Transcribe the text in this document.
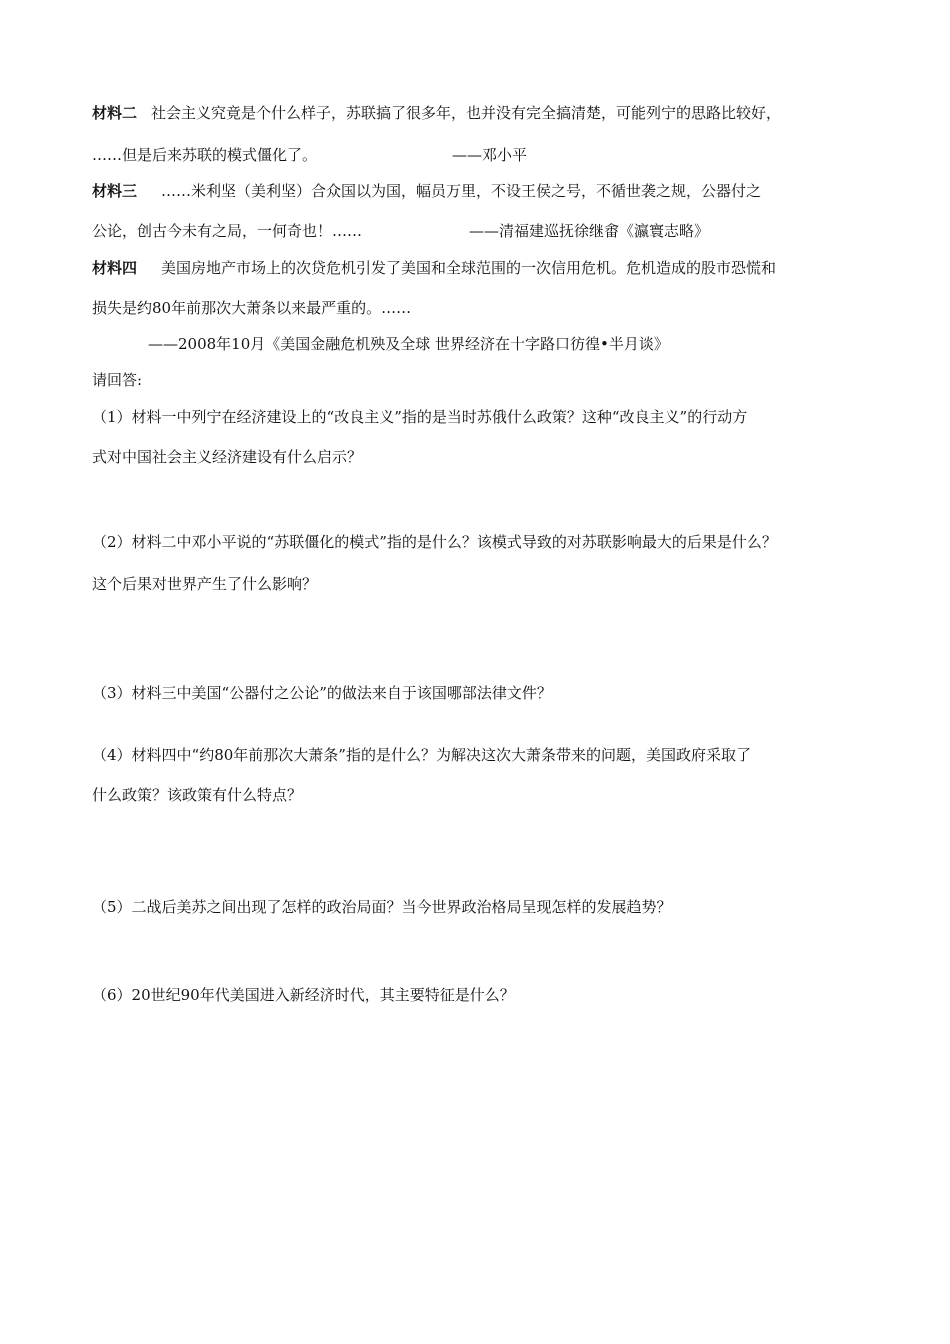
材料二 社会主义究竟是个什么样子，苏联搞了很多年，也并没有完全搞清楚，可能列宁的思路比较好，
……但是后来苏联的模式僵化了。	——邓小平
材料三 ……米利坚（美利坚）合众国以为国，幅员万里，不设王侯之号，不循世袭之规，公器付之
公论，创古今未有之局，一何奇也！……	——清福建巡抚徐继畬《瀛寰志略》
材料四 美国房地产市场上的次贷危机引发了美国和全球范围的一次信用危机。危机造成的股市恐慌和
损失是约80年前那次大萧条以来最严重的。……
——2008年10月《美国金融危机殃及全球 世界经济在十字路口彷徨•半月谈》
请回答:
（1）材料一中列宁在经济建设上的“改良主义”指的是当时苏俄什么政策？这种“改良主义”的行动方
式对中国社会主义经济建设有什么启示？
（2）材料二中邓小平说的“苏联僵化的模式”指的是什么？该模式导致的对苏联影响最大的后果是什么？
这个后果对世界产生了什么影响？
（3）材料三中美国“公器付之公论”的做法来自于该国哪部法律文件？
（4）材料四中“约80年前那次大萧条”指的是什么？为解决这次大萧条带来的问题，美国政府采取了
什么政策？该政策有什么特点？
（5）二战后美苏之间出现了怎样的政治局面？当今世界政治格局呈现怎样的发展趋势？
（6）20世纪90年代美国进入新经济时代，其主要特征是什么？
